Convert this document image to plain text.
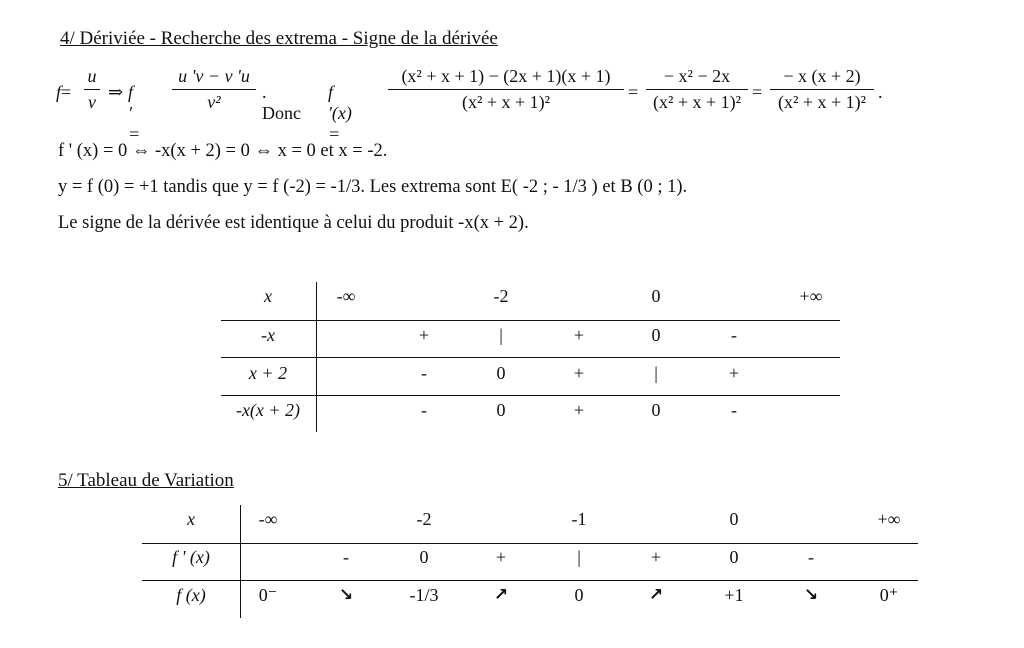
4/ Dériviée - Recherche des extrema - Signe de la dérivée
$f= \frac{u}{v}$ ⇒ f ' =
$\frac{u 'v - v 'u}{\text{v²}}$ . Donc
f '(x) =
$\frac{\text{(x² + x + 1) − (2x + 1)(x + 1)}}{\text{(x² + x + 1)²}} = \frac{\text{− x² − 2x}}{\text{(x² + x + 1)²}} = \frac{- x (x + 2)}{\text{(x² + x + 1)²}}$ .
f ' (x) = 0 ⇔ -x(x + 2) = 0 ⇔ x = 0 et x = -2.
y = f (0) = +1 tandis que y = f (-2) = -1/3. Les extrema sont E( -2 ; - 1/3 ) et B (0 ; 1).
Le signe de la dérivée est identique à celui du produit -x(x + 2).
x	-∞	-2	0	+∞
-x	+	|	+	0	-
x + 2	-	0	+	|	+
-x(x + 2)	-	0	+	0	-
5/ Tableau de Variation
x	-∞	-2	-1	0	+∞
f ' (x)	-	0	+	|	+	0	-
f (x)	0⁻	↘	-1/3	↗	0	↗	+1	↘	0⁺
